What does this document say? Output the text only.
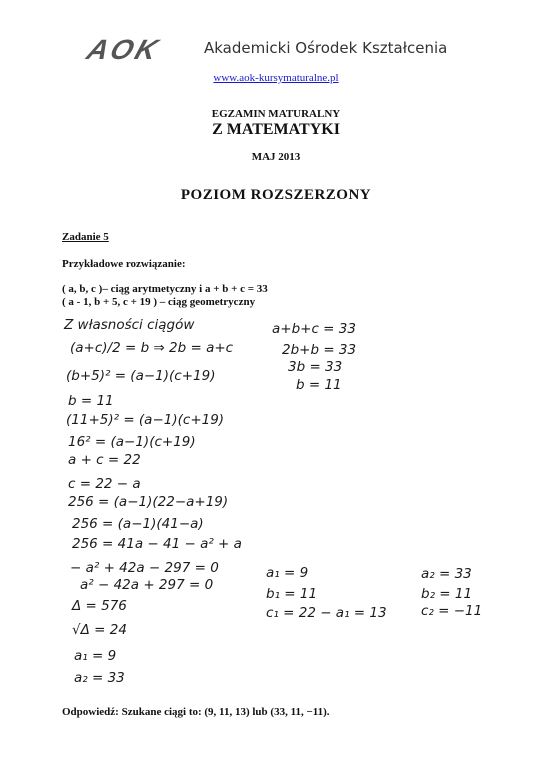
AOK	Akademicki Ośrodek Kształcenia
www.aok-kursymaturalne.pl
EGZAMIN MATURALNY
Z MATEMATYKI
MAJ 2013
POZIOM ROZSZERZONY
Zadanie 5
Przykładowe rozwiązanie:
( a, b, c )– ciąg arytmetyczny i a + b + c = 33
( a - 1, b + 5, c + 19 ) – ciąg geometryczny
Z własności ciągów
(a+c)/2 = b ⇒ 2b = a+c
(b+5)² = (a−1)(c+19)
b = 11
(11+5)² = (a−1)(c+19)
16² = (a−1)(c+19)
a + c = 22
c = 22 − a
256 = (a−1)(22−a+19)
256 = (a−1)(41−a)
256 = 41a − 41 − a² + a
− a² + 42a − 297 = 0
a² − 42a + 297 = 0
Δ = 576
√Δ = 24
a₁ = 9
a₂ = 33
a+b+c = 33
2b+b = 33
3b = 33
b = 11
a₁ = 9
b₁ = 11
c₁ = 22 − a₁ = 13
a₂ = 33
b₂ = 11
c₂ = −11
Odpowiedź: Szukane ciągi to: (9, 11, 13) lub (33, 11, −11).
